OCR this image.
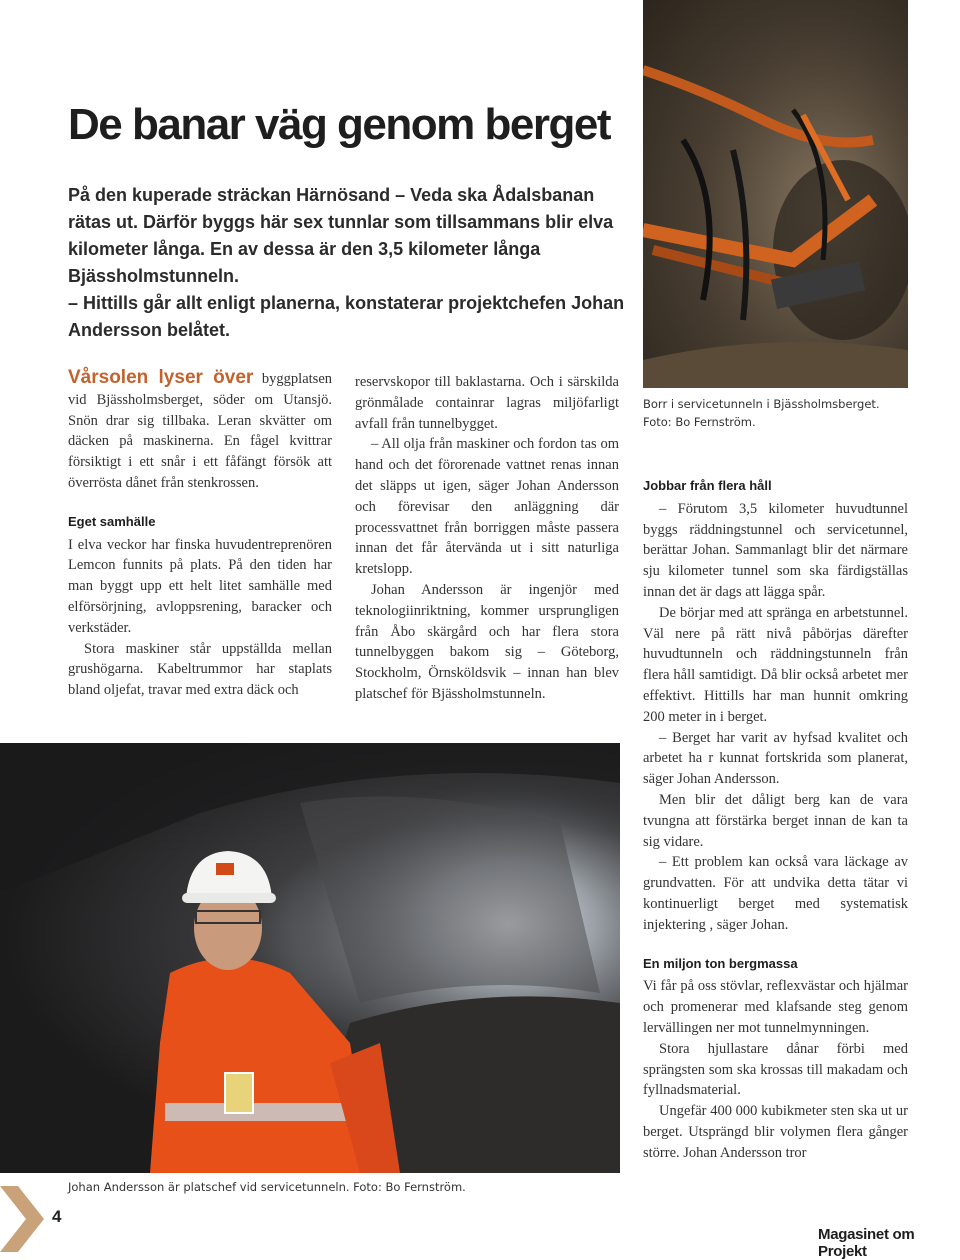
De banar väg genom berget
På den kuperade sträckan Härnösand – Veda ska Ådalsbanan rätas ut. Därför byggs här sex tunnlar som tillsammans blir elva kilometer långa. En av dessa är den 3,5 kilometer långa Bjässholmstunneln.
– Hittills går allt enligt planerna, konstaterar projektchefen Johan Andersson belåtet.
Borr i servicetunneln i Bjässholmsberget.
Foto: Bo Fernström.

Vårsolen lyser över byggplatsen vid Bjässholmsberget, söder om Utansjö. Snön drar sig tillbaka. Leran skvätter om däcken på maskinerna. En fågel kvittrar försiktigt i ett snår i ett fåfängt försök att överrösta dånet från stenkrossen.

Eget samhälle

I elva veckor har finska huvudentreprenören Lemcon funnits på plats. På den tiden har man byggt upp ett helt litet samhälle med elförsörjning, avloppsrening, baracker och verkstäder.

Stora maskiner står uppställda mellan grushögarna. Kabeltrummor har staplats bland oljefat, travar med extra däck och

reservskopor till baklastarna. Och i särskilda grönmålade containrar lagras miljöfarligt avfall från tunnelbygget.

– All olja från maskiner och fordon tas om hand och det förorenade vattnet renas innan det släpps ut igen, säger Johan Andersson och förevisar den anläggning där processvattnet från borriggen måste passera innan det får återvända ut i sitt naturliga kretslopp.

Johan Andersson är ingenjör med teknologiinriktning, kommer ursprungligen från Åbo skärgård och har flera stora tunnelbyggen bakom sig – Göteborg, Stockholm, Örnsköldsvik – innan han blev platschef för Bjässholmstunneln.

Jobbar från flera håll

– Förutom 3,5 kilometer huvudtunnel byggs räddningstunnel och servicetunnel, berättar Johan. Sammanlagt blir det närmare sju kilometer tunnel som ska färdigställas innan det är dags att lägga spår.

De börjar med att spränga en arbetstunnel. Väl nere på rätt nivå påbörjas därefter huvudtunneln och räddningstunneln från flera håll samtidigt. Då blir också arbetet mer effektivt. Hittills har man hunnit omkring 200 meter in i berget.

– Berget har varit av hyfsad kvalitet och arbetet ha r kunnat fortskrida som planerat, säger Johan Andersson.

Men blir det dåligt berg kan de vara tvungna att förstärka berget innan de kan ta sig vidare.

– Ett problem kan också vara läckage av grundvatten. För att undvika detta tätar vi kontinuerligt berget med systematisk injektering , säger Johan.

En miljon ton bergmassa

Vi får på oss stövlar, reflexvästar och hjälmar och promenerar med klafsande steg genom lervällingen ner mot tunnelmynningen.

Stora hjullastare dånar förbi med sprängsten som ska krossas till makadam och fyllnadsmaterial.

Ungefär 400 000 kubikmeter sten ska ut ur berget. Utsprängd blir volymen flera gånger större. Johan Andersson tror

Johan Andersson är platschef vid servicetunneln. Foto: Bo Fernström.
4
Magasinet om Projekt
